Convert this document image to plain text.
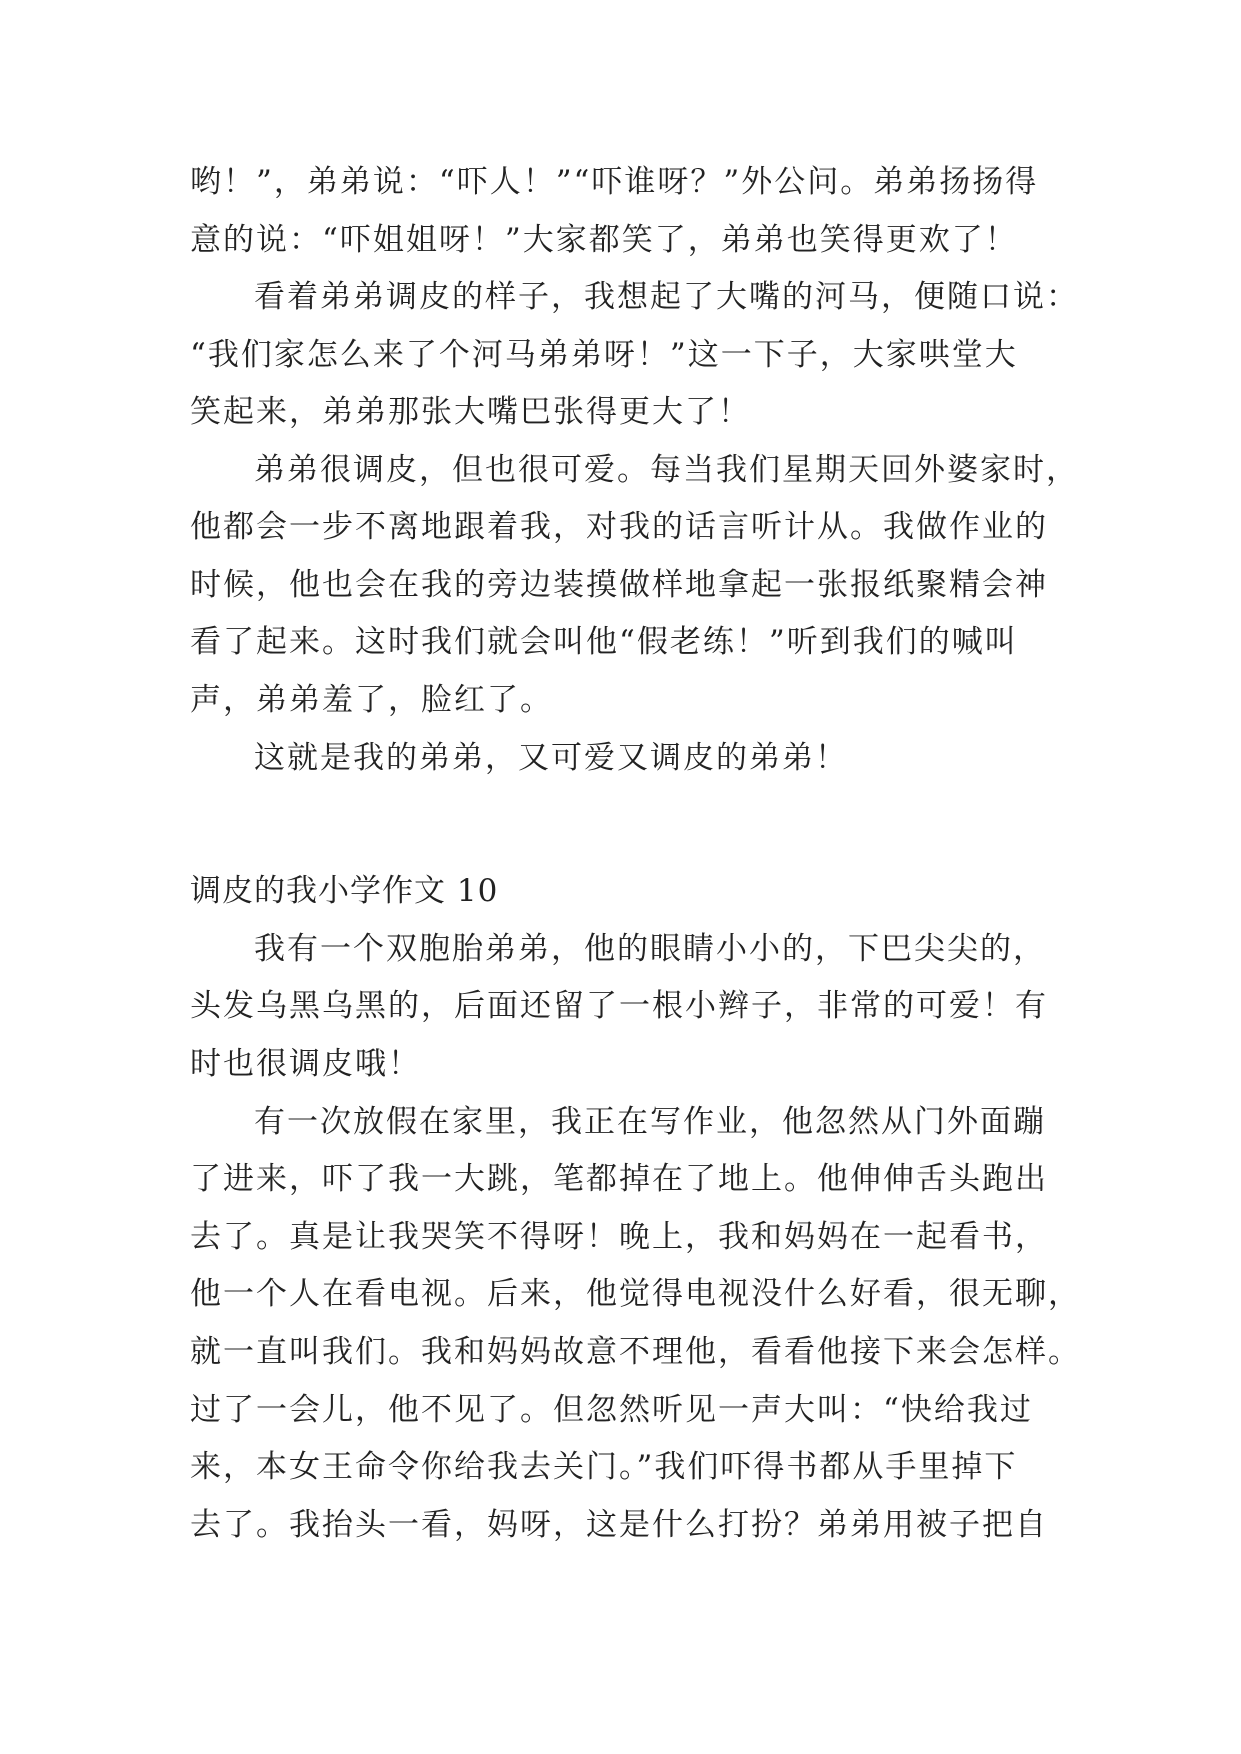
哟！”，弟弟说：“吓人！”“吓谁呀？”外公问。弟弟扬扬得

意的说：“吓姐姐呀！”大家都笑了，弟弟也笑得更欢了！

看着弟弟调皮的样子，我想起了大嘴的河马，便随口说：

“我们家怎么来了个河马弟弟呀！”这一下子，大家哄堂大

笑起来，弟弟那张大嘴巴张得更大了！

弟弟很调皮，但也很可爱。每当我们星期天回外婆家时，

他都会一步不离地跟着我，对我的话言听计从。我做作业的

时候，他也会在我的旁边装摸做样地拿起一张报纸聚精会神

看了起来。这时我们就会叫他“假老练！”听到我们的喊叫

声，弟弟羞了，脸红了。

这就是我的弟弟，又可爱又调皮的弟弟！

调皮的我小学作文 10

我有一个双胞胎弟弟，他的眼睛小小的，下巴尖尖的，

头发乌黑乌黑的，后面还留了一根小辫子，非常的可爱！有

时也很调皮哦！

有一次放假在家里，我正在写作业，他忽然从门外面蹦

了进来，吓了我一大跳，笔都掉在了地上。他伸伸舌头跑出

去了。真是让我哭笑不得呀！晚上，我和妈妈在一起看书，

他一个人在看电视。后来，他觉得电视没什么好看，很无聊，

就一直叫我们。我和妈妈故意不理他，看看他接下来会怎样。

过了一会儿，他不见了。但忽然听见一声大叫：“快给我过

来，本女王命令你给我去关门。”我们吓得书都从手里掉下

去了。我抬头一看，妈呀，这是什么打扮？弟弟用被子把自
